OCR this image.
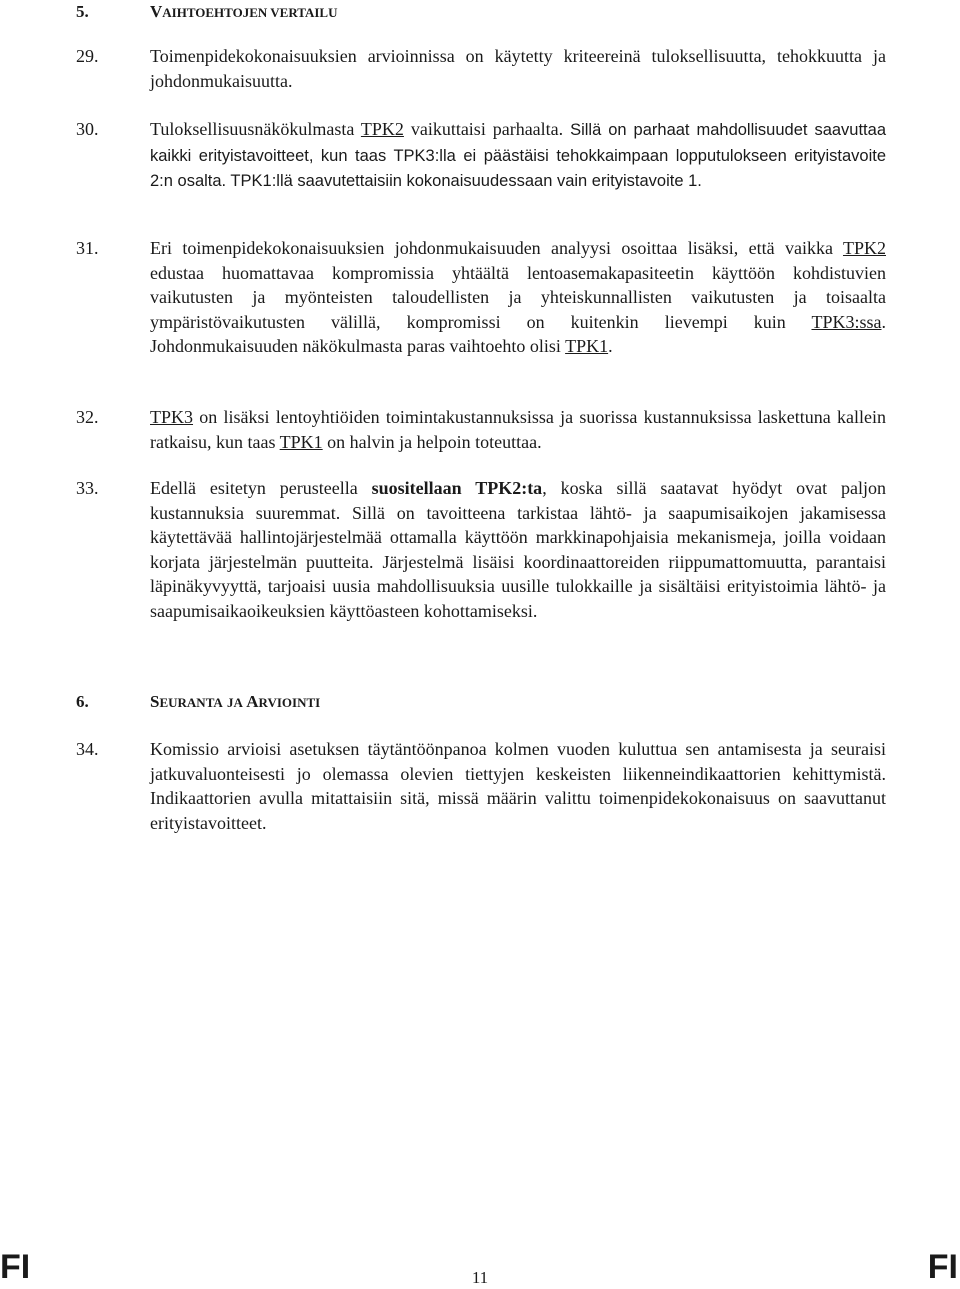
5.	VAIHTOEHTOJEN VERTAILU
29.	Toimenpidekokonaisuuksien arvioinnissa on käytetty kriteereinä tuloksellisuutta, tehokkuutta ja johdonmukaisuutta.
30.	Tuloksellisuusnäkökulmasta TPK2 vaikuttaisi parhaalta. Sillä on parhaat mahdollisuudet saavuttaa kaikki erityistavoitteet, kun taas TPK3:lla ei päästäisi tehokkaimpaan lopputulokseen erityistavoite 2:n osalta. TPK1:llä saavutettaisiin kokonaisuudessaan vain erityistavoite 1.
31.	Eri toimenpidekokonaisuuksien johdonmukaisuuden analyysi osoittaa lisäksi, että vaikka TPK2 edustaa huomattavaa kompromissia yhtäältä lentoasemakapasiteetin käyttöön kohdistuvien vaikutusten ja myönteisten taloudellisten ja yhteiskunnallisten vaikutusten ja toisaalta ympäristövaikutusten välillä, kompromissi on kuitenkin lievempi kuin TPK3:ssa. Johdonmukaisuuden näkökulmasta paras vaihtoehto olisi TPK1.
32.	TPK3 on lisäksi lentoyhtiöiden toimintakustannuksissa ja suorissa kustannuksissa laskettuna kallein ratkaisu, kun taas TPK1 on halvin ja helpoin toteuttaa.
33.	Edellä esitetyn perusteella suositellaan TPK2:ta, koska sillä saatavat hyödyt ovat paljon kustannuksia suuremmat. Sillä on tavoitteena tarkistaa lähtö- ja saapumisaikojen jakamisessa käytettävää hallintojärjestelmää ottamalla käyttöön markkinapohjaisia mekanismeja, joilla voidaan korjata järjestelmän puutteita. Järjestelmä lisäisi koordinaattoreiden riippumattomuutta, parantaisi läpinäkyvyyttä, tarjoaisi uusia mahdollisuuksia uusille tulokkaille ja sisältäisi erityistoimia lähtö- ja saapumisaikaoikeuksien käyttöasteen kohottamiseksi.
6.	SEURANTA JA ARVIOINTI
34.	Komissio arvioisi asetuksen täytäntöönpanoa kolmen vuoden kuluttua sen antamisesta ja seuraisi jatkuvaluonteisesti jo olemassa olevien tiettyjen keskeisten liikenneindikaattorien kehittymistä. Indikaattorien avulla mitattaisiin sitä, missä määrin valittu toimenpidekokonaisuus on saavuttanut erityistavoitteet.
FI	11	FI
